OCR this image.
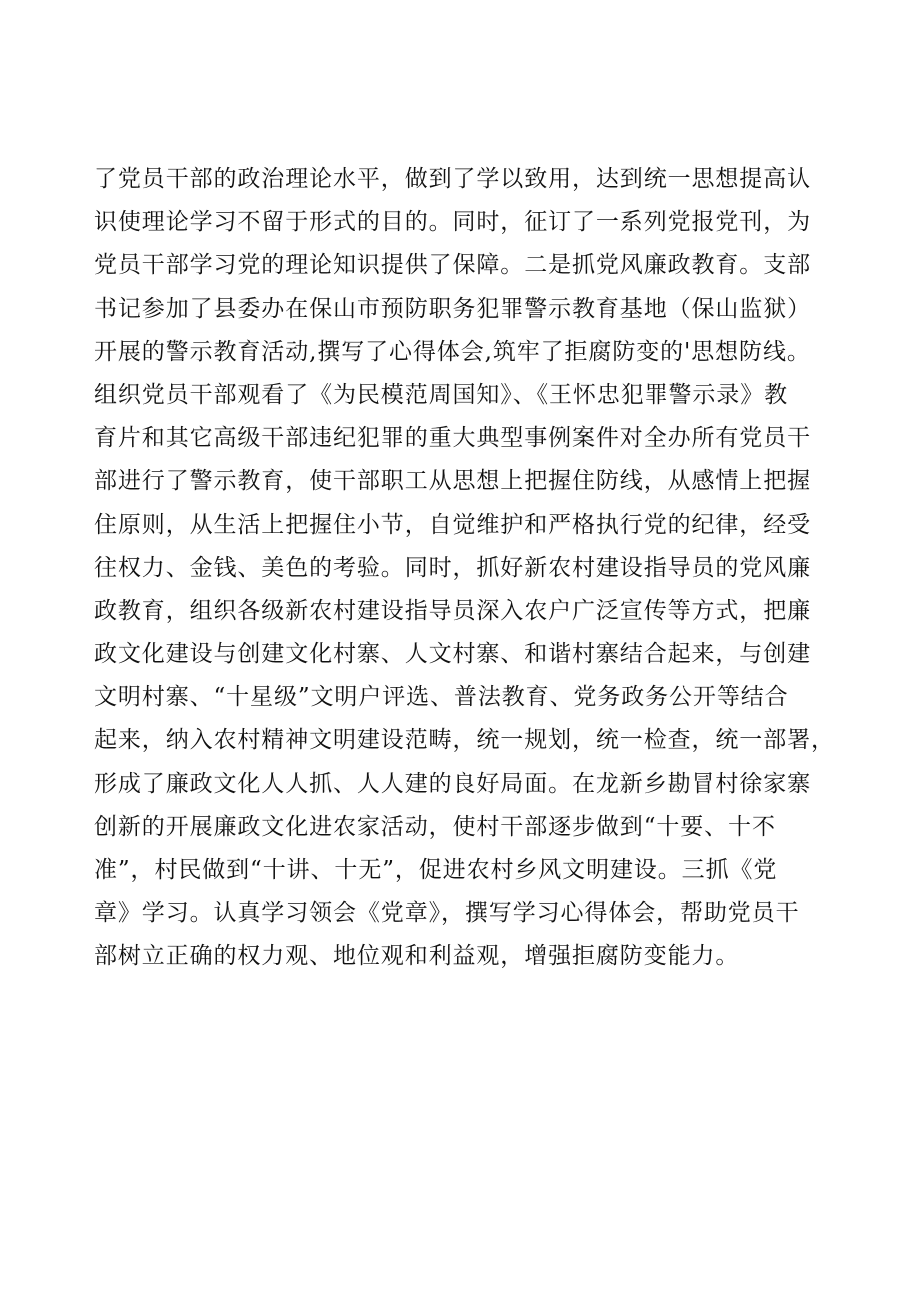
了党员干部的政治理论水平，做到了学以致用，达到统一思想提高认
识使理论学习不留于形式的目的。同时，征订了一系列党报党刊，为
党员干部学习党的理论知识提供了保障。二是抓党风廉政教育。支部
书记参加了县委办在保山市预防职务犯罪警示教育基地（保山监狱）
开展的警示教育活动,撰写了心得体会,筑牢了拒腐防变的'思想防线。
组织党员干部观看了《为民模范周国知》、《王怀忠犯罪警示录》教
育片和其它高级干部违纪犯罪的重大典型事例案件对全办所有党员干
部进行了警示教育，使干部职工从思想上把握住防线，从感情上把握
住原则，从生活上把握住小节，自觉维护和严格执行党的纪律，经受
往权力、金钱、美色的考验。同时，抓好新农村建设指导员的党风廉
政教育，组织各级新农村建设指导员深入农户广泛宣传等方式，把廉
政文化建设与创建文化村寨、人文村寨、和谐村寨结合起来，与创建
文明村寨、“十星级”文明户评选、普法教育、党务政务公开等结合
起来，纳入农村精神文明建设范畴，统一规划，统一检查，统一部署，
形成了廉政文化人人抓、人人建的良好局面。在龙新乡勘冒村徐家寨
创新的开展廉政文化进农家活动，使村干部逐步做到“十要、十不
准”，村民做到“十讲、十无”，促进农村乡风文明建设。三抓《党
章》学习。认真学习领会《党章》，撰写学习心得体会，帮助党员干
部树立正确的权力观、地位观和利益观，增强拒腐防变能力。
